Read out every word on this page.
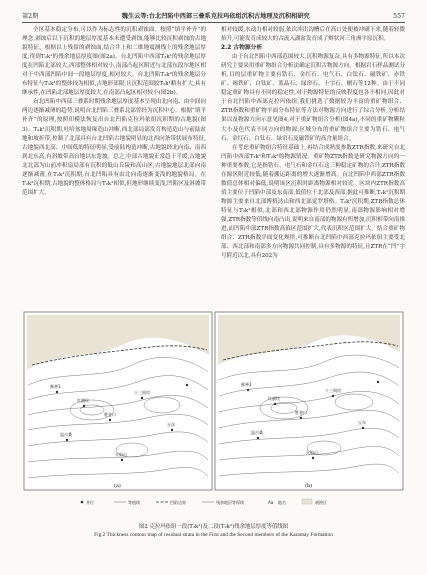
第2期	魏生云等:台北凹陷中西部三叠系克拉玛依组沉积古地理及沉积相研究	557

全区基本稳定分布,可以作为标志性的沉积剥蚀面。按照“填平补齐”的理念,剥蚀后以下沉积的地层厚度基本未遭受剥蚀,能够比较沉积剥蚀的古地貌特征。根据以上残留的剥蚀面,结合井上和二维地震测线上的残余地层厚度,得到T₂k¹的残余地层厚度图(图2a)。台北凹陷中西部T₂k¹的残余地层厚度在凹陷北部较大,西部整体相对较小,南部凸起区附近与北部东段尔地区相对于中西部凹陷中间一段地层厚度,相对较大。台北凹陷T₂k²的残余地层分布特征与T₂k¹的整体较为相似,吉地形部限,且沉积范围较T₂k¹略有扩大,具有继承性,在凹陷北部地层厚度较大,在南部凸起区相对较小(图2b)。

台北凹陷中西部三叠系时期残余地层厚度基本呈现由北向南、由中间向两边逐渐减薄的趋势,说明台北凹陷三叠系北部曾经为沉积中心。根据“填平补齐”的原理,按照印模法恢复出台北凹陷克拉玛依组沉积期的古地貌(图3)。T₂k¹沉积期,吐哈盆地周缘造山冲断,西北部局部发育构造造山与前陆盆地和坡折带,控制了北部具有台北凹陷古地貌明显的北西向条带状展布特征,古地貌西北高、中间低的特征明显,受前陆构造冲断,古地貌经北向南、南西到北东高,有斜坡带高台地以东宽坡。总之,中部古地貌正常趋于平缓,古地貌北北部为山前冲积扇局部有沉积的低山丘陵和高山区,古地貌地层北部向南逐渐减薄,在T₂k¹沉积期,台北凹陷具有由北向南逐渐变浅的地貌格局。在T₂k²沉积期,古地貌的整体格局与T₂k¹相似,但地形继续变浅,凹陷区及斜坡带范围扩大。

相对较缓,水动力相对较弱,依次冲出沟槽后在高口处便被冲刷下来,随着轻微抬升,可能发育成较大的古流入湖盆发育成了辫状河三角洲平原沉积。

2.2 古物源分析

由于台北凹陷中西部范围较大,沉积物源复杂,具有多物源特征,所以本次研究主要采用重矿物组合分析法确定沉积古物源方向。根据岩石样品测试分析,目的层重矿物主要有锆石、金红石、电气石、白钛石、磁铁矿、赤铁矿、褐铁矿、白钛矿、蓝晶石、绿帘石、十字石、榍石等12种。由于不同稳定重矿物具有不同的稳定性,对于物源特征的反映程度也各不相同,因此对于台北凹陷中西部克拉玛依组,我们挑选了数据较为丰富的重矿物组合、ZTR指数和重矿物平面分布特征等方法对物源方向进行了综合分析,分析结果以及物源方向示意见图4,对于重矿物组合分析(图4a),不同的重矿物颗粒大小及色代表不同方向的物源,区域分布的重矿物组合主要为锆石、电气石、金红石、白钛石、绿帘石及磁铁矿的高含量组合。

在考虑重矿物组合特征基础上,再结合成熟度参数ZTR指数,来研究台北凹陷中西部T₂k¹和T₂k²的物源情况。重矿物ZTR指数是研究物源方向的一种重要参数,它是指锆石、电气石和金红石这三种稳定矿物的合计,ZTR指数在源区附近较低,随着搬运距离的增大逐渐增高。台北凹陷中西部ZTR指数数值总体相对偏低,说明该区沉积时距离物源相对较近。区块内ZTR指数高值主要位于凹陷中部及东南部,低值位于北部及西部,据此可推断,T₂k¹沉积期物源主要来自北部博格达山和西北部觉罗塔格。T₂k²沉积期,ZTR指数总体特征与T₂k¹相似,北部和西北部物源作用仍然明显,南部物源影响相对增强,ZTR指数等值线向南凸出,说明来自南部的物源有所增加,沉积相带向南推进,而凹陷中部ZTR指数高值区范围扩大,代表沉积区范围扩大。结合重矿物组合、ZTR指数平面变化规律,可推断台北凹陷中西部克拉玛依组主要受北部、西北部和南部多方向物源共同控制,具有多物源的特征,且ZTR在“凹”字号附近以北,具有202为

鄯善1
红旗坎
胜金口
十三间房
丘东
温吉桑
火焰山
(a)
鄯善1
红旗坎
胜金口
十三间房
丘东
温吉桑
火焰山
(b)
井位	等值线	凹陷边界	残余地层等厚线	Aa 地名	剥蚀区
图2 克拉玛依组一段(T₂k¹)及二段(T₂k²)残余地层厚度等值线图
Fig.2 Thickness contour map of residual strata in the First and the Second members of the Karamay Formation
